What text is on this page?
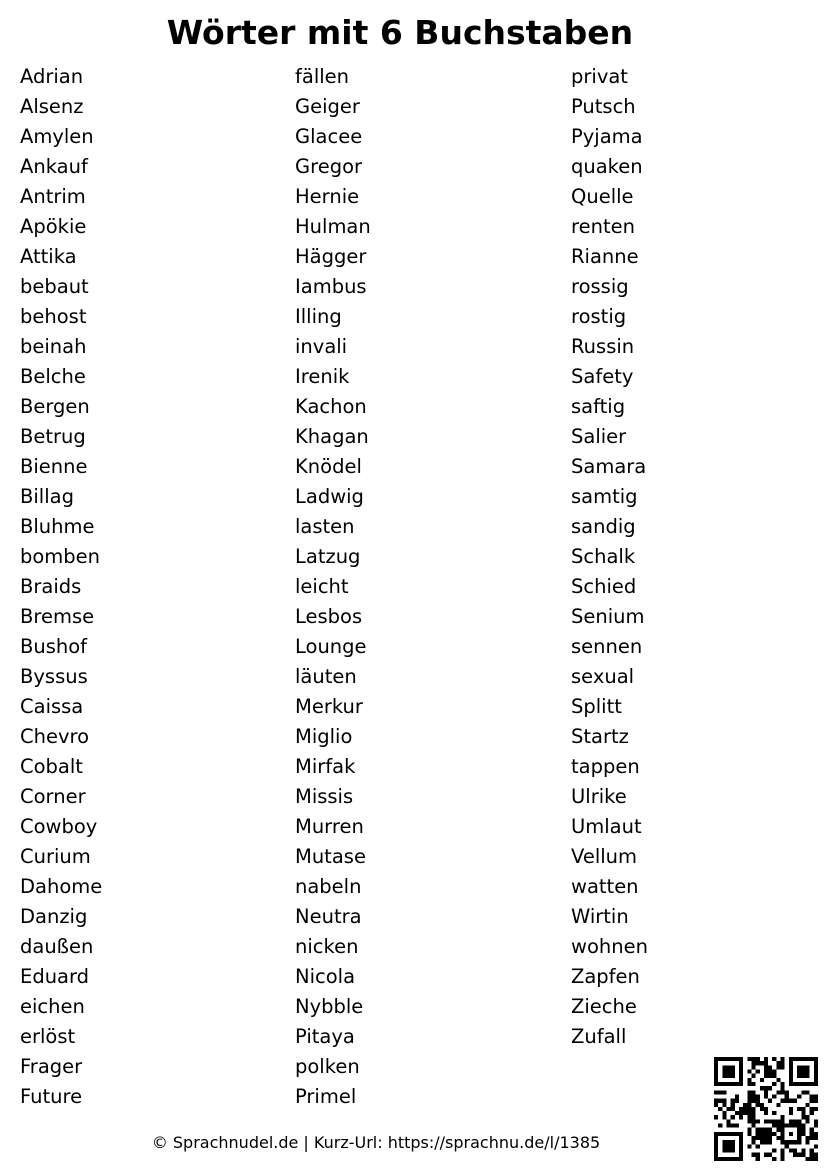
Wörter mit 6 Buchstaben
Adrian
Alsenz
Amylen
Ankauf
Antrim
Apökie
Attika
bebaut
behost
beinah
Belche
Bergen
Betrug
Bienne
Billag
Bluhme
bomben
Braids
Bremse
Bushof
Byssus
Caissa
Chevro
Cobalt
Corner
Cowboy
Curium
Dahome
Danzig
daußen
Eduard
eichen
erlöst
Frager
Future
fällen
Geiger
Glacee
Gregor
Hernie
Hulman
Hägger
Iambus
Illing
invali
Irenik
Kachon
Khagan
Knödel
Ladwig
lasten
Latzug
leicht
Lesbos
Lounge
läuten
Merkur
Miglio
Mirfak
Missis
Murren
Mutase
nabeln
Neutra
nicken
Nicola
Nybble
Pitaya
polken
Primel
privat
Putsch
Pyjama
quaken
Quelle
renten
Rianne
rossig
rostig
Russin
Safety
saftig
Salier
Samara
samtig
sandig
Schalk
Schied
Senium
sennen
sexual
Splitt
Startz
tappen
Ulrike
Umlaut
Vellum
watten
Wirtin
wohnen
Zapfen
Zieche
Zufall
© Sprachnudel.de | Kurz-Url: https://sprachnu.de/l/1385
